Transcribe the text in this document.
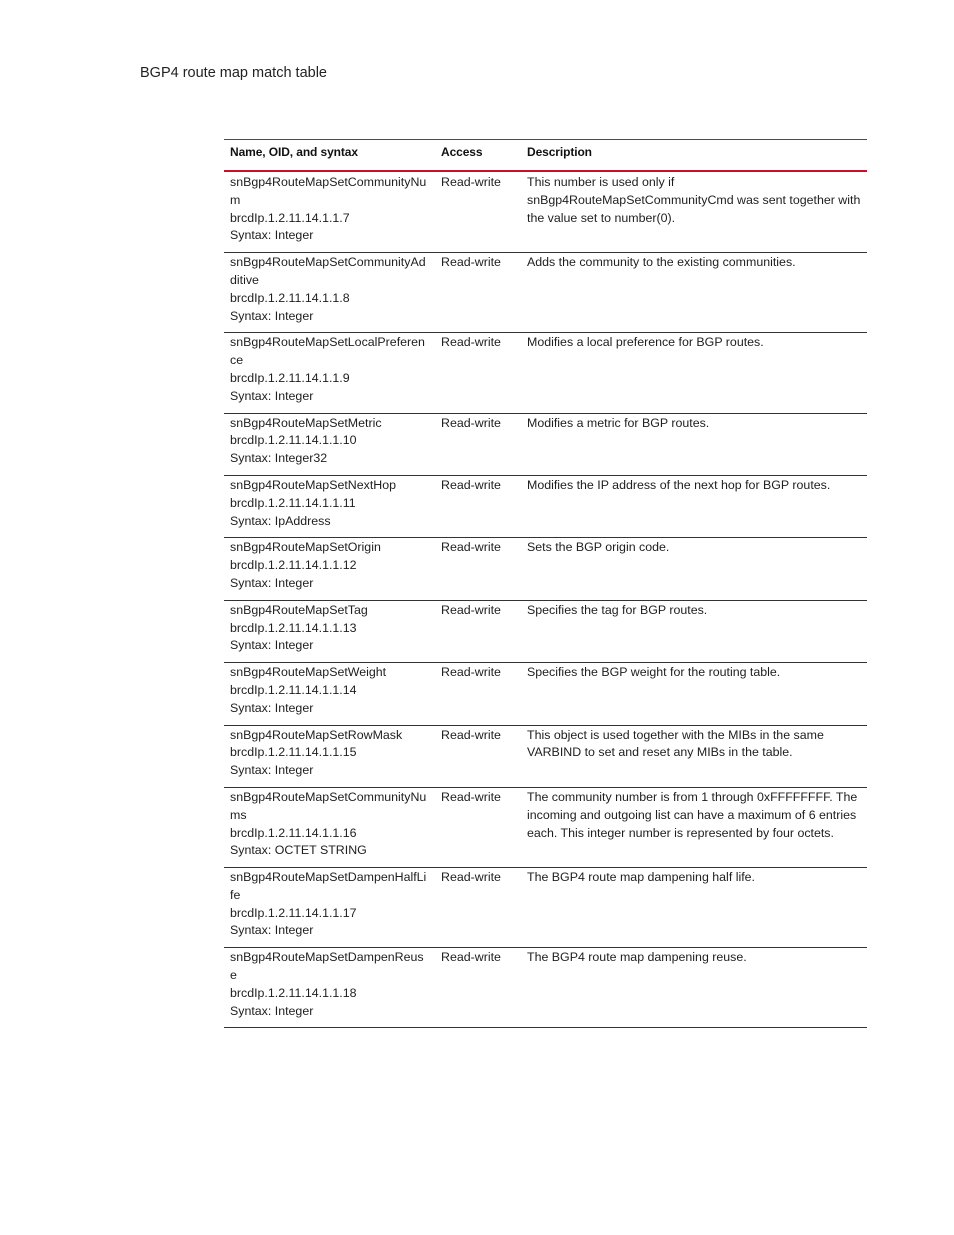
BGP4 route map match table
Name, OID, and syntax	Access	Description

snBgp4RouteMapSetCommunityNum
brcdIp.1.2.11.14.1.1.7
Syntax: Integer	Read-write	This number is used only if snBgp4RouteMapSetCommunityCmd was sent together with the value set to number(0).

snBgp4RouteMapSetCommunityAdditive
brcdIp.1.2.11.14.1.1.8
Syntax: Integer	Read-write	Adds the community to the existing communities.

snBgp4RouteMapSetLocalPreference
brcdIp.1.2.11.14.1.1.9
Syntax: Integer	Read-write	Modifies a local preference for BGP routes.

snBgp4RouteMapSetMetric
brcdIp.1.2.11.14.1.1.10
Syntax: Integer32	Read-write	Modifies a metric for BGP routes.

snBgp4RouteMapSetNextHop
brcdIp.1.2.11.14.1.1.11
Syntax: IpAddress	Read-write	Modifies the IP address of the next hop for BGP routes.

snBgp4RouteMapSetOrigin
brcdIp.1.2.11.14.1.1.12
Syntax: Integer	Read-write	Sets the BGP origin code.

snBgp4RouteMapSetTag
brcdIp.1.2.11.14.1.1.13
Syntax: Integer	Read-write	Specifies the tag for BGP routes.

snBgp4RouteMapSetWeight
brcdIp.1.2.11.14.1.1.14
Syntax: Integer	Read-write	Specifies the BGP weight for the routing table.

snBgp4RouteMapSetRowMask
brcdIp.1.2.11.14.1.1.15
Syntax: Integer	Read-write	This object is used together with the MIBs in the same VARBIND to set and reset any MIBs in the table.

snBgp4RouteMapSetCommunityNums
brcdIp.1.2.11.14.1.1.16
Syntax: OCTET STRING	Read-write	The community number is from 1 through 0xFFFFFFFF. The incoming and outgoing list can have a maximum of 6 entries each. This integer number is represented by four octets.

snBgp4RouteMapSetDampenHalfLife
brcdIp.1.2.11.14.1.1.17
Syntax: Integer	Read-write	The BGP4 route map dampening half life.

snBgp4RouteMapSetDampenReuse
brcdIp.1.2.11.14.1.1.18
Syntax: Integer	Read-write	The BGP4 route map dampening reuse.
